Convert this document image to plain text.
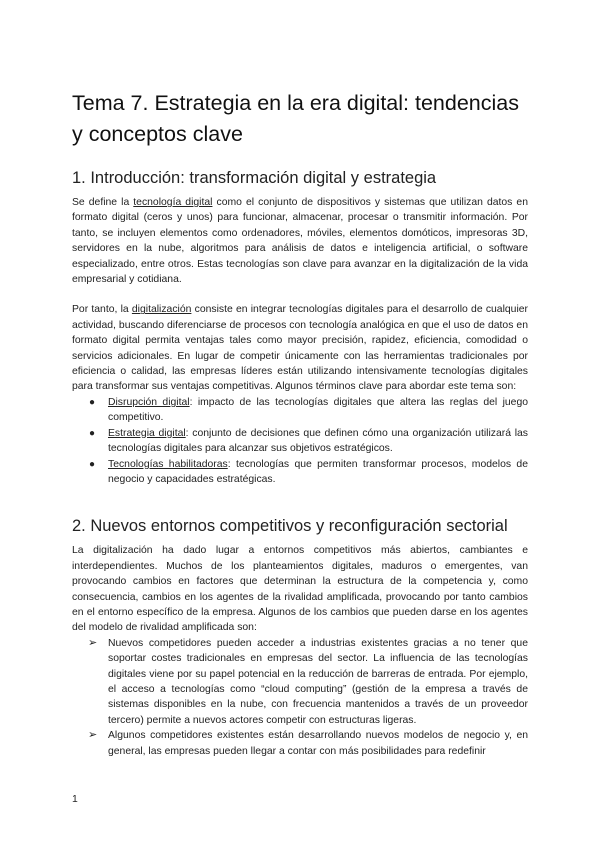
Tema 7. Estrategia en la era digital: tendencias y conceptos clave
1. Introducción: transformación digital y estrategia

Se define la tecnología digital como el conjunto de dispositivos y sistemas que utilizan datos en formato digital (ceros y unos) para funcionar, almacenar, procesar o transmitir información. Por tanto, se incluyen elementos como ordenadores, móviles, elementos domóticos, impresoras 3D, servidores en la nube, algoritmos para análisis de datos e inteligencia artificial, o software especializado, entre otros. Estas tecnologías son clave para avanzar en la digitalización de la vida empresarial y cotidiana.

Por tanto, la digitalización consiste en integrar tecnologías digitales para el desarrollo de cualquier actividad, buscando diferenciarse de procesos con tecnología analógica en que el uso de datos en formato digital permita ventajas tales como mayor precisión, rapidez, eficiencia, comodidad o servicios adicionales. En lugar de competir únicamente con las herramientas tradicionales por eficiencia o calidad, las empresas líderes están utilizando intensivamente tecnologías digitales para transformar sus ventajas competitivas. Algunos términos clave para abordar este tema son:

●	Disrupción digital: impacto de las tecnologías digitales que altera las reglas del juego competitivo.
●	Estrategia digital: conjunto de decisiones que definen cómo una organización utilizará las tecnologías digitales para alcanzar sus objetivos estratégicos.
●	Tecnologías habilitadoras: tecnologías que permiten transformar procesos, modelos de negocio y capacidades estratégicas.
2. Nuevos entornos competitivos y reconfiguración sectorial

La digitalización ha dado lugar a entornos competitivos más abiertos, cambiantes e interdependientes. Muchos de los planteamientos digitales, maduros o emergentes, van provocando cambios en factores que determinan la estructura de la competencia y, como consecuencia, cambios en los agentes de la rivalidad amplificada, provocando por tanto cambios en el entorno específico de la empresa. Algunos de los cambios que pueden darse en los agentes del modelo de rivalidad amplificada son:

➢ Nuevos competidores pueden acceder a industrias existentes gracias a no tener que soportar costes tradicionales en empresas del sector. La influencia de las tecnologías digitales viene por su papel potencial en la reducción de barreras de entrada. Por ejemplo, el acceso a tecnologías como “cloud computing” (gestión de la empresa a través de sistemas disponibles en la nube, con frecuencia mantenidos a través de un proveedor tercero) permite a nuevos actores competir con estructuras ligeras.
➢ Algunos competidores existentes están desarrollando nuevos modelos de negocio y, en general, las empresas pueden llegar a contar con más posibilidades para redefinir
1
